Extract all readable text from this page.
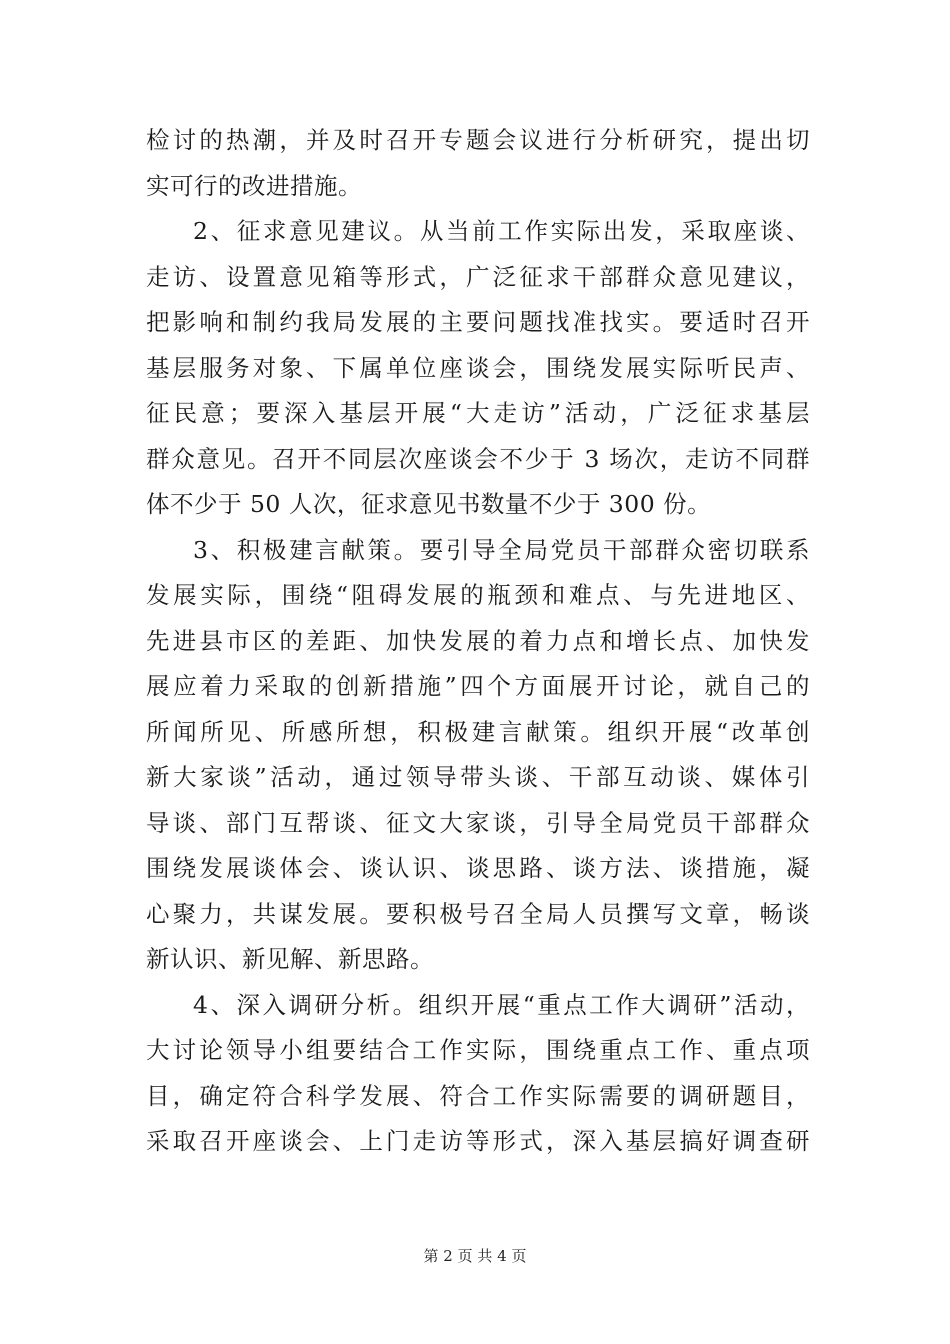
检讨的热潮，并及时召开专题会议进行分析研究，提出切
实可行的改进措施。
2、征求意见建议。从当前工作实际出发，采取座谈、
走访、设置意见箱等形式，广泛征求干部群众意见建议，
把影响和制约我局发展的主要问题找准找实。要适时召开
基层服务对象、下属单位座谈会，围绕发展实际听民声、
征民意；要深入基层开展“大走访”活动，广泛征求基层
群众意见。召开不同层次座谈会不少于 3 场次，走访不同群
体不少于 50 人次，征求意见书数量不少于 300 份。
3、积极建言献策。要引导全局党员干部群众密切联系
发展实际，围绕“阻碍发展的瓶颈和难点、与先进地区、
先进县市区的差距、加快发展的着力点和增长点、加快发
展应着力采取的创新措施”四个方面展开讨论，就自己的
所闻所见、所感所想，积极建言献策。组织开展“改革创
新大家谈”活动，通过领导带头谈、干部互动谈、媒体引
导谈、部门互帮谈、征文大家谈，引导全局党员干部群众
围绕发展谈体会、谈认识、谈思路、谈方法、谈措施，凝
心聚力，共谋发展。要积极号召全局人员撰写文章，畅谈
新认识、新见解、新思路。
4、深入调研分析。组织开展“重点工作大调研”活动，
大讨论领导小组要结合工作实际，围绕重点工作、重点项
目，确定符合科学发展、符合工作实际需要的调研题目，
采取召开座谈会、上门走访等形式，深入基层搞好调查研
第 2 页 共 4 页
